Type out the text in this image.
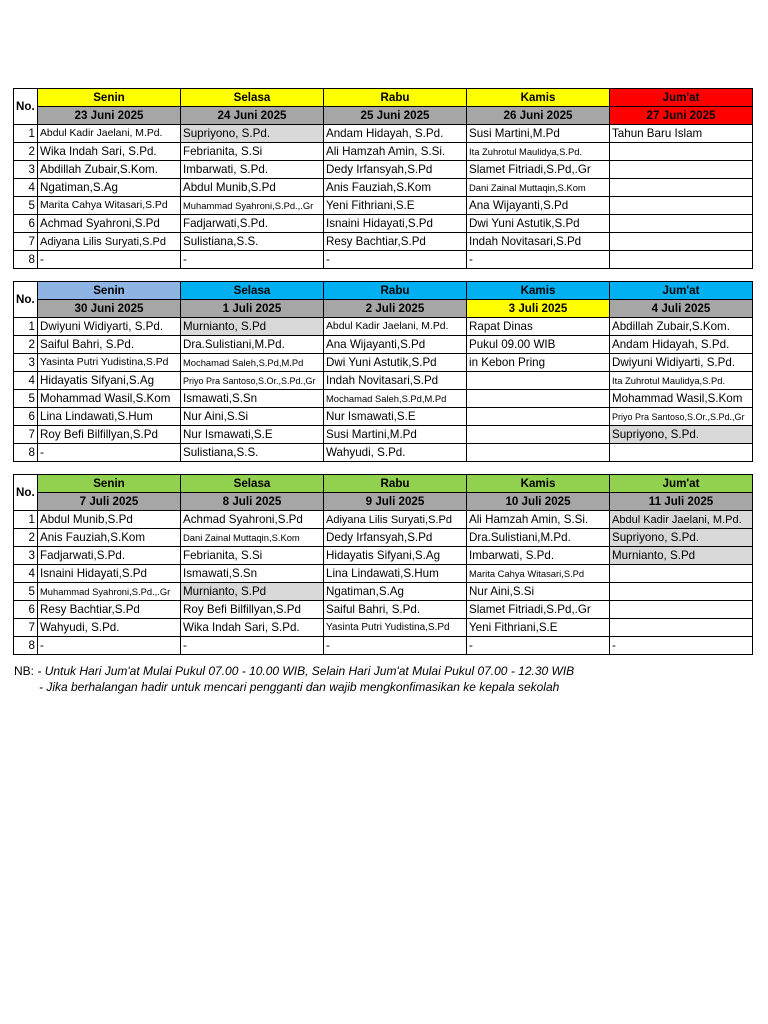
No.	Senin	Selasa	Rabu	Kamis	Jum'at
	23 Juni 2025	24 Juni 2025	25 Juni 2025	26 Juni 2025	27 Juni 2025
1	Abdul Kadir Jaelani, M.Pd.	Supriyono, S.Pd.	Andam Hidayah, S.Pd.	Susi Martini,M.Pd	Tahun Baru Islam
2	Wika Indah Sari, S.Pd.	Febrianita, S.Si	Ali Hamzah Amin, S.Si.	Ita Zuhrotul Maulidya,S.Pd.	
3	Abdillah Zubair,S.Kom.	Imbarwati, S.Pd.	Dedy Irfansyah,S.Pd	Slamet Fitriadi,S.Pd,.Gr	
4	Ngatiman,S.Ag	Abdul Munib,S.Pd	Anis Fauziah,S.Kom	Dani Zainal Muttaqin,S.Kom	
5	Marita Cahya Witasari,S.Pd	Muhammad Syahroni,S.Pd.,.Gr	Yeni Fithriani,S.E	Ana Wijayanti,S.Pd	
6	Achmad Syahroni,S.Pd	Fadjarwati,S.Pd.	Isnaini Hidayati,S.Pd	Dwi Yuni Astutik,S.Pd	
7	Adiyana Lilis Suryati,S.Pd	Sulistiana,S.S.	Resy Bachtiar,S.Pd	Indah Novitasari,S.Pd	
8	-	-	-	-	
No.	Senin	Selasa	Rabu	Kamis	Jum'at
	30 Juni 2025	1 Juli 2025	2 Juli 2025	3 Juli 2025	4 Juli 2025
1	Dwiyuni Widiyarti, S.Pd.	Murnianto, S.Pd	Abdul Kadir Jaelani, M.Pd.	Rapat Dinas	Abdillah Zubair,S.Kom.
2	Saiful Bahri, S.Pd.	Dra.Sulistiani,M.Pd.	Ana Wijayanti,S.Pd	Pukul 09.00 WIB	Andam Hidayah, S.Pd.
3	Yasinta Putri Yudistina,S.Pd	Mochamad Saleh,S.Pd,M.Pd	Dwi Yuni Astutik,S.Pd	in Kebon Pring	Dwiyuni Widiyarti, S.Pd.
4	Hidayatis Sifyani,S.Ag	Priyo Pra Santoso,S.Or.,S.Pd.,Gr	Indah Novitasari,S.Pd		Ita Zuhrotul Maulidya,S.Pd.
5	Mohammad Wasil,S.Kom	Ismawati,S.Sn	Mochamad Saleh,S.Pd,M.Pd		Mohammad Wasil,S.Kom
6	Lina Lindawati,S.Hum	Nur Aini,S.Si	Nur Ismawati,S.E		Priyo Pra Santoso,S.Or.,S.Pd.,Gr
7	Roy Befi Bilfillyan,S.Pd	Nur Ismawati,S.E	Susi Martini,M.Pd		Supriyono, S.Pd.
8	-	Sulistiana,S.S.	Wahyudi, S.Pd.		
No.	Senin	Selasa	Rabu	Kamis	Jum'at
	7 Juli 2025	8 Juli 2025	9 Juli 2025	10 Juli 2025	11 Juli 2025
1	Abdul Munib,S.Pd	Achmad Syahroni,S.Pd	Adiyana Lilis Suryati,S.Pd	Ali Hamzah Amin, S.Si.	Abdul Kadir Jaelani, M.Pd.
2	Anis Fauziah,S.Kom	Dani Zainal Muttaqin,S.Kom	Dedy Irfansyah,S.Pd	Dra.Sulistiani,M.Pd.	Supriyono, S.Pd.
3	Fadjarwati,S.Pd.	Febrianita, S.Si	Hidayatis Sifyani,S.Ag	Imbarwati, S.Pd.	Murnianto, S.Pd
4	Isnaini Hidayati,S.Pd	Ismawati,S.Sn	Lina Lindawati,S.Hum	Marita Cahya Witasari,S.Pd	
5	Muhammad Syahroni,S.Pd.,.Gr	Murnianto, S.Pd	Ngatiman,S.Ag	Nur Aini,S.Si	
6	Resy Bachtiar,S.Pd	Roy Befi Bilfillyan,S.Pd	Saiful Bahri, S.Pd.	Slamet Fitriadi,S.Pd,.Gr	
7	Wahyudi, S.Pd.	Wika Indah Sari, S.Pd.	Yasinta Putri Yudistina,S.Pd	Yeni Fithriani,S.E	
8	-	-	-	-	-
NB: - Untuk Hari Jum'at Mulai Pukul 07.00 - 10.00 WIB, Selain Hari Jum'at Mulai Pukul 07.00 - 12.30 WIB
- Jika berhalangan hadir untuk mencari pengganti dan wajib mengkonfimasikan ke kepala sekolah
